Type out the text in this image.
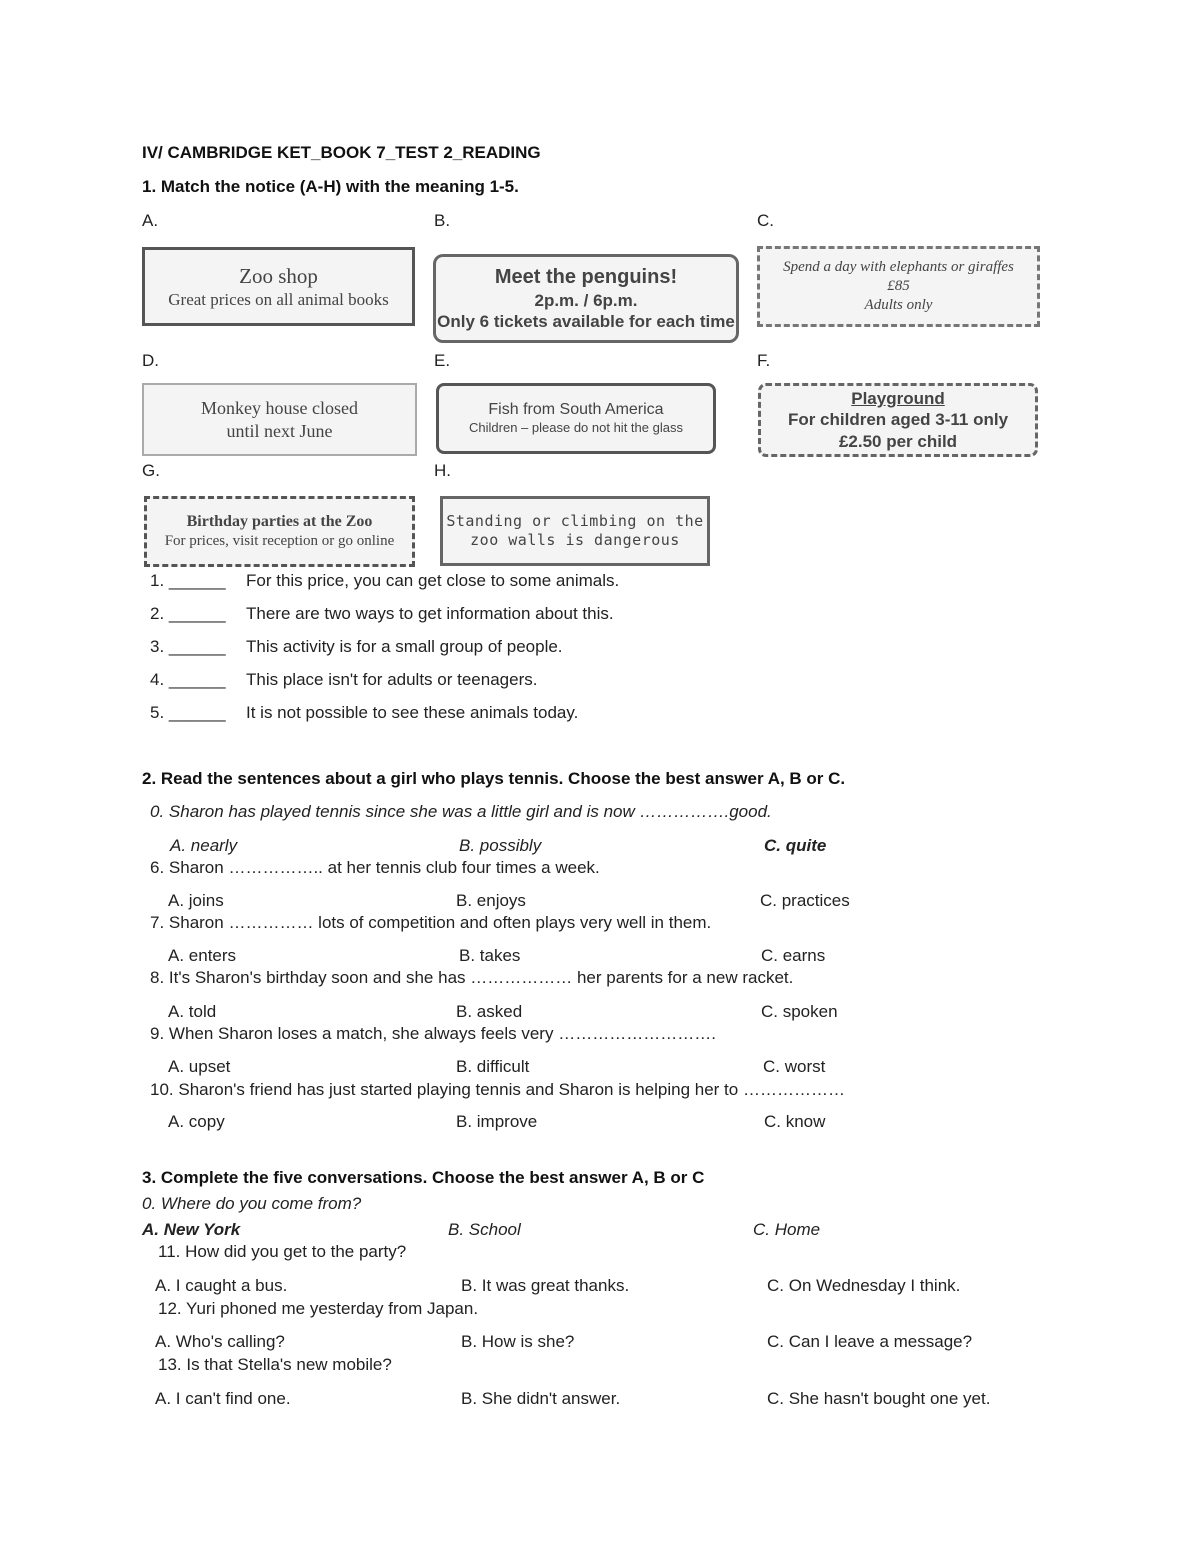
IV/ CAMBRIDGE KET_BOOK 7_TEST 2_READING
1. Match the notice (A-H) with the meaning 1-5.
A.	B.	C.
D.	E.	F.
G.	H.
Zoo shop
Great prices on all animal books
Meet the penguins!
2p.m. / 6p.m.
Only 6 tickets available for each time
Spend a day with elephants or giraffes
£85
Adults only
Monkey house closed
until next June
Fish from South America
Children – please do not hit the glass
Playground
For children aged 3-11 only
£2.50 per child
Birthday parties at the Zoo
For prices, visit reception or go online
Standing or climbing on the
zoo walls is dangerous
1. ______ For this price, you can get close to some animals.
2. ______ There are two ways to get information about this.
3. ______ This activity is for a small group of people.
4. ______ This place isn't for adults or teenagers.
5. ______ It is not possible to see these animals today.
2. Read the sentences about a girl who plays tennis. Choose the best answer A, B or C.
0. Sharon has played tennis since she was a little girl and is now …………….good.
A. nearly	B. possibly	C. quite
6. Sharon …………….. at her tennis club four times a week.
A. joins	B. enjoys	C. practices
7. Sharon …………… lots of competition and often plays very well in them.
A. enters	B. takes	C. earns
8. It's Sharon's birthday soon and she has ……………… her parents for a new racket.
A. told	B. asked	C. spoken
9. When Sharon loses a match, she always feels very ……………………….
A. upset	B. difficult	C. worst
10. Sharon's friend has just started playing tennis and Sharon is helping her to ………………
A. copy	B. improve	C. know
3. Complete the five conversations. Choose the best answer A, B or C
0. Where do you come from?
A. New York	B. School	C. Home
11. How did you get to the party?
A. I caught a bus.	B. It was great thanks.	C. On Wednesday I think.
12. Yuri phoned me yesterday from Japan.
A. Who's calling?	B. How is she?	C. Can I leave a message?
13. Is that Stella's new mobile?
A. I can't find one.	B. She didn't answer.	C. She hasn't bought one yet.
